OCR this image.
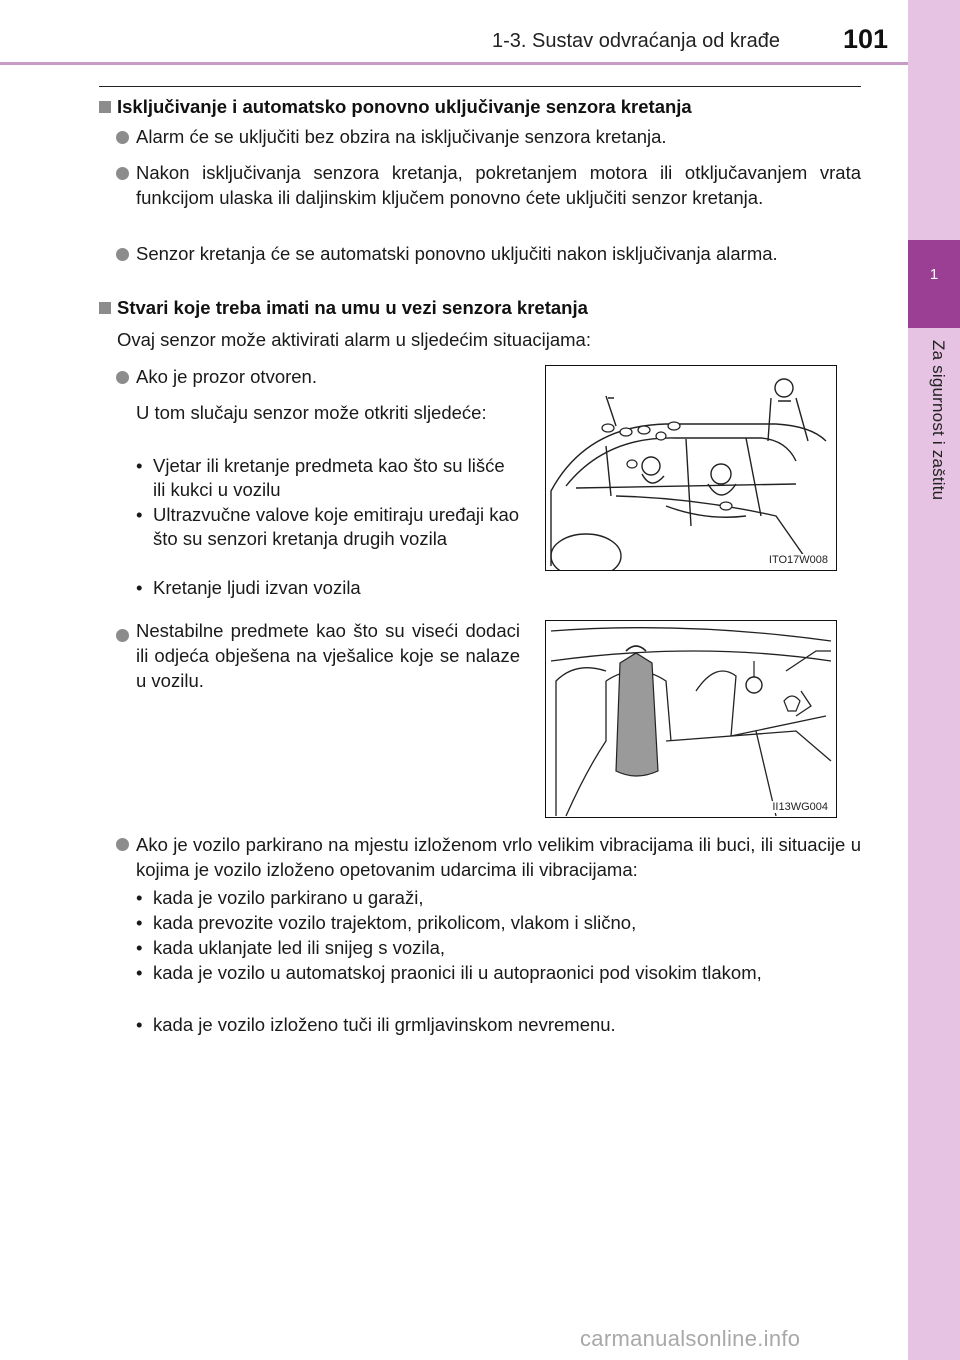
1
Za sigurnost i zaštitu
1-3. Sustav odvraćanja od krađe 101
Isključivanje i automatsko ponovno uključivanje senzora kretanja
Alarm će se uključiti bez obzira na isključivanje senzora kretanja.
Nakon isključivanja senzora kretanja, pokretanjem motora ili otključavanjem vrata funkcijom ulaska ili daljinskim ključem ponovno ćete uključiti senzor kretanja.
Senzor kretanja će se automatski ponovno uključiti nakon isključivanja alarma.
Stvari koje treba imati na umu u vezi senzora kretanja
Ovaj senzor može aktivirati alarm u sljedećim situacijama:
Ako je prozor otvoren.
U tom slučaju senzor može otkriti sljedeće:
• Vjetar ili kretanje predmeta kao što su lišće ili kukci u vozilu
• Ultrazvučne valove koje emitiraju uređaji kao što su senzori kretanja drugih vozila
• Kretanje ljudi izvan vozila
ITO17W008
Nestabilne predmete kao što su viseći dodaci ili odjeća obješena na vješalice koje se nalaze u vozilu.
II13WG004
Ako je vozilo parkirano na mjestu izloženom vrlo velikim vibracijama ili buci, ili situacije u kojima je vozilo izloženo opetovanim udarcima ili vibracijama:
• kada je vozilo parkirano u garaži,
• kada prevozite vozilo trajektom, prikolicom, vlakom i slično,
• kada uklanjate led ili snijeg s vozila,
• kada je vozilo u automatskoj praonici ili u autopraonici pod visokim tlakom,
• kada je vozilo izloženo tuči ili grmljavinskom nevremenu.
carmanualsonline.info
